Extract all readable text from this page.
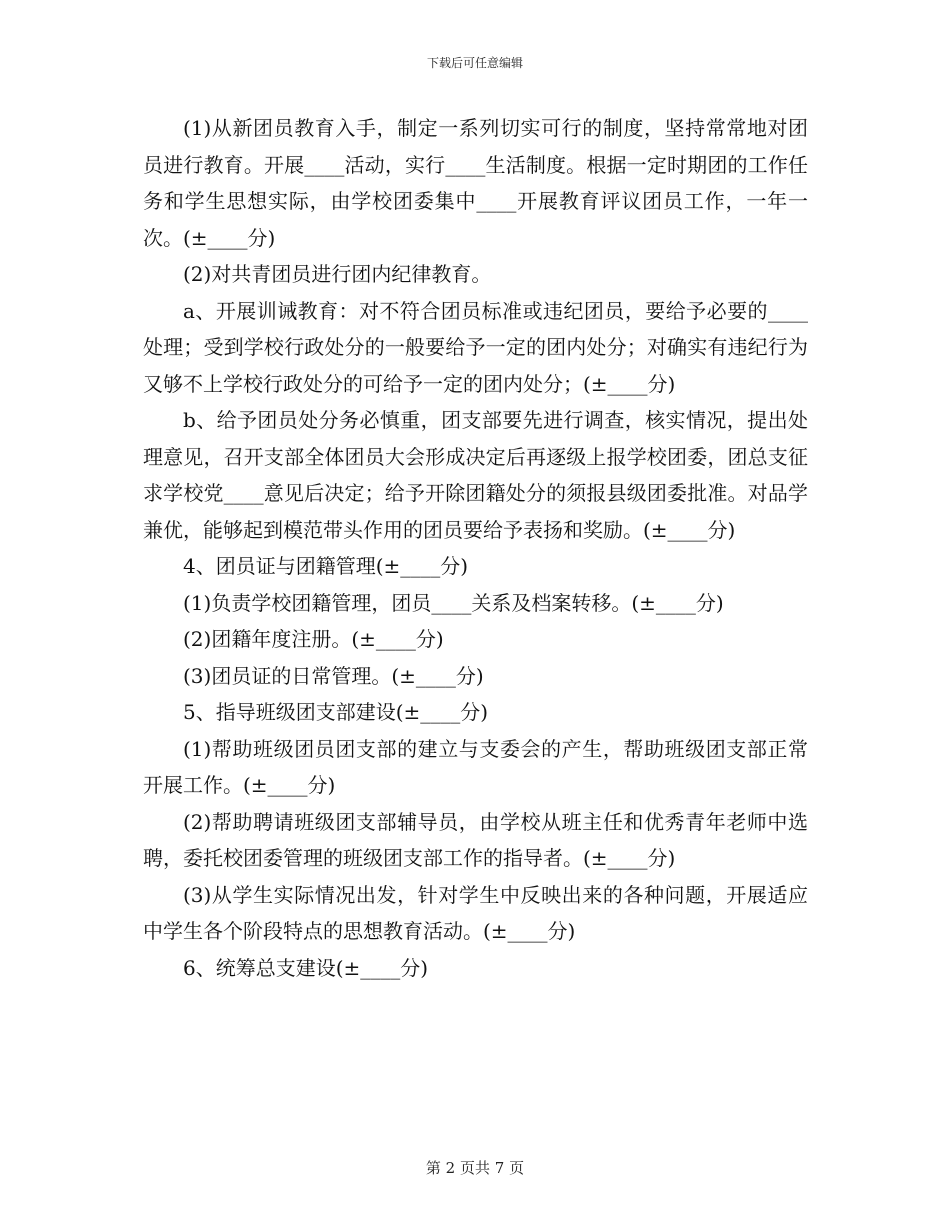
下载后可任意编辑

(1)从新团员教育入手，制定一系列切实可行的制度，坚持常常地对团员进行教育。开展____活动，实行____生活制度。根据一定时期团的工作任务和学生思想实际，由学校团委集中____开展教育评议团员工作，一年一次。(±____分)

(2)对共青团员进行团内纪律教育。

a、开展训诫教育：对不符合团员标准或违纪团员，要给予必要的____处理；受到学校行政处分的一般要给予一定的团内处分；对确实有违纪行为又够不上学校行政处分的可给予一定的团内处分；(±____分)

b、给予团员处分务必慎重，团支部要先进行调查，核实情况，提出处理意见，召开支部全体团员大会形成决定后再逐级上报学校团委，团总支征求学校党____意见后决定；给予开除团籍处分的须报县级团委批准。对品学兼优，能够起到模范带头作用的团员要给予表扬和奖励。(±____分)

4、团员证与团籍管理(±____分)

(1)负责学校团籍管理，团员____关系及档案转移。(±____分)

(2)团籍年度注册。(±____分)

(3)团员证的日常管理。(±____分)

5、指导班级团支部建设(±____分)

(1)帮助班级团员团支部的建立与支委会的产生，帮助班级团支部正常开展工作。(±____分)

(2)帮助聘请班级团支部辅导员，由学校从班主任和优秀青年老师中选聘，委托校团委管理的班级团支部工作的指导者。(±____分)

(3)从学生实际情况出发，针对学生中反映出来的各种问题，开展适应中学生各个阶段特点的思想教育活动。(±____分)

6、统筹总支建设(±____分)

第 2 页共 7 页
